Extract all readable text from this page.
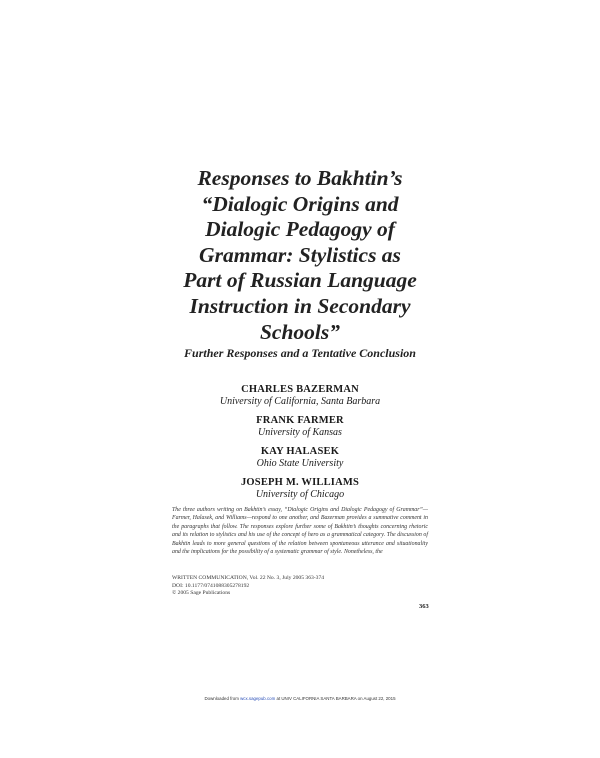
Responses to Bakhtin’s
“Dialogic Origins and
Dialogic Pedagogy of
Grammar: Stylistics as
Part of Russian Language
Instruction in Secondary
Schools”
Further Responses and a Tentative Conclusion
CHARLES BAZERMAN
University of California, Santa Barbara
FRANK FARMER
University of Kansas
KAY HALASEK
Ohio State University
JOSEPH M. WILLIAMS
University of Chicago
The three authors writing on Bakhtin’s essay, “Dialogic Origins and Dialogic Pedagogy of Grammar”—Farmer, Halasek, and Williams—respond to one another, and Bazerman provides a summative comment in the paragraphs that follow. The responses explore further some of Bakhtin’s thoughts concerning rhetoric and its relation to stylistics and his use of the concept of hero as a grammatical category. The discussion of Bakhtin leads to more general questions of the relation between spontaneous utterance and situationality and the implications for the possibility of a systematic grammar of style. Nonetheless, the
WRITTEN COMMUNICATION, Vol. 22 No. 3, July 2005 363-374
DOI: 10.1177/0741088305278192
© 2005 Sage Publications
363
Downloaded from wcx.sagepub.com at UNIV CALIFORNIA SANTA BARBARA on August 22, 2015
